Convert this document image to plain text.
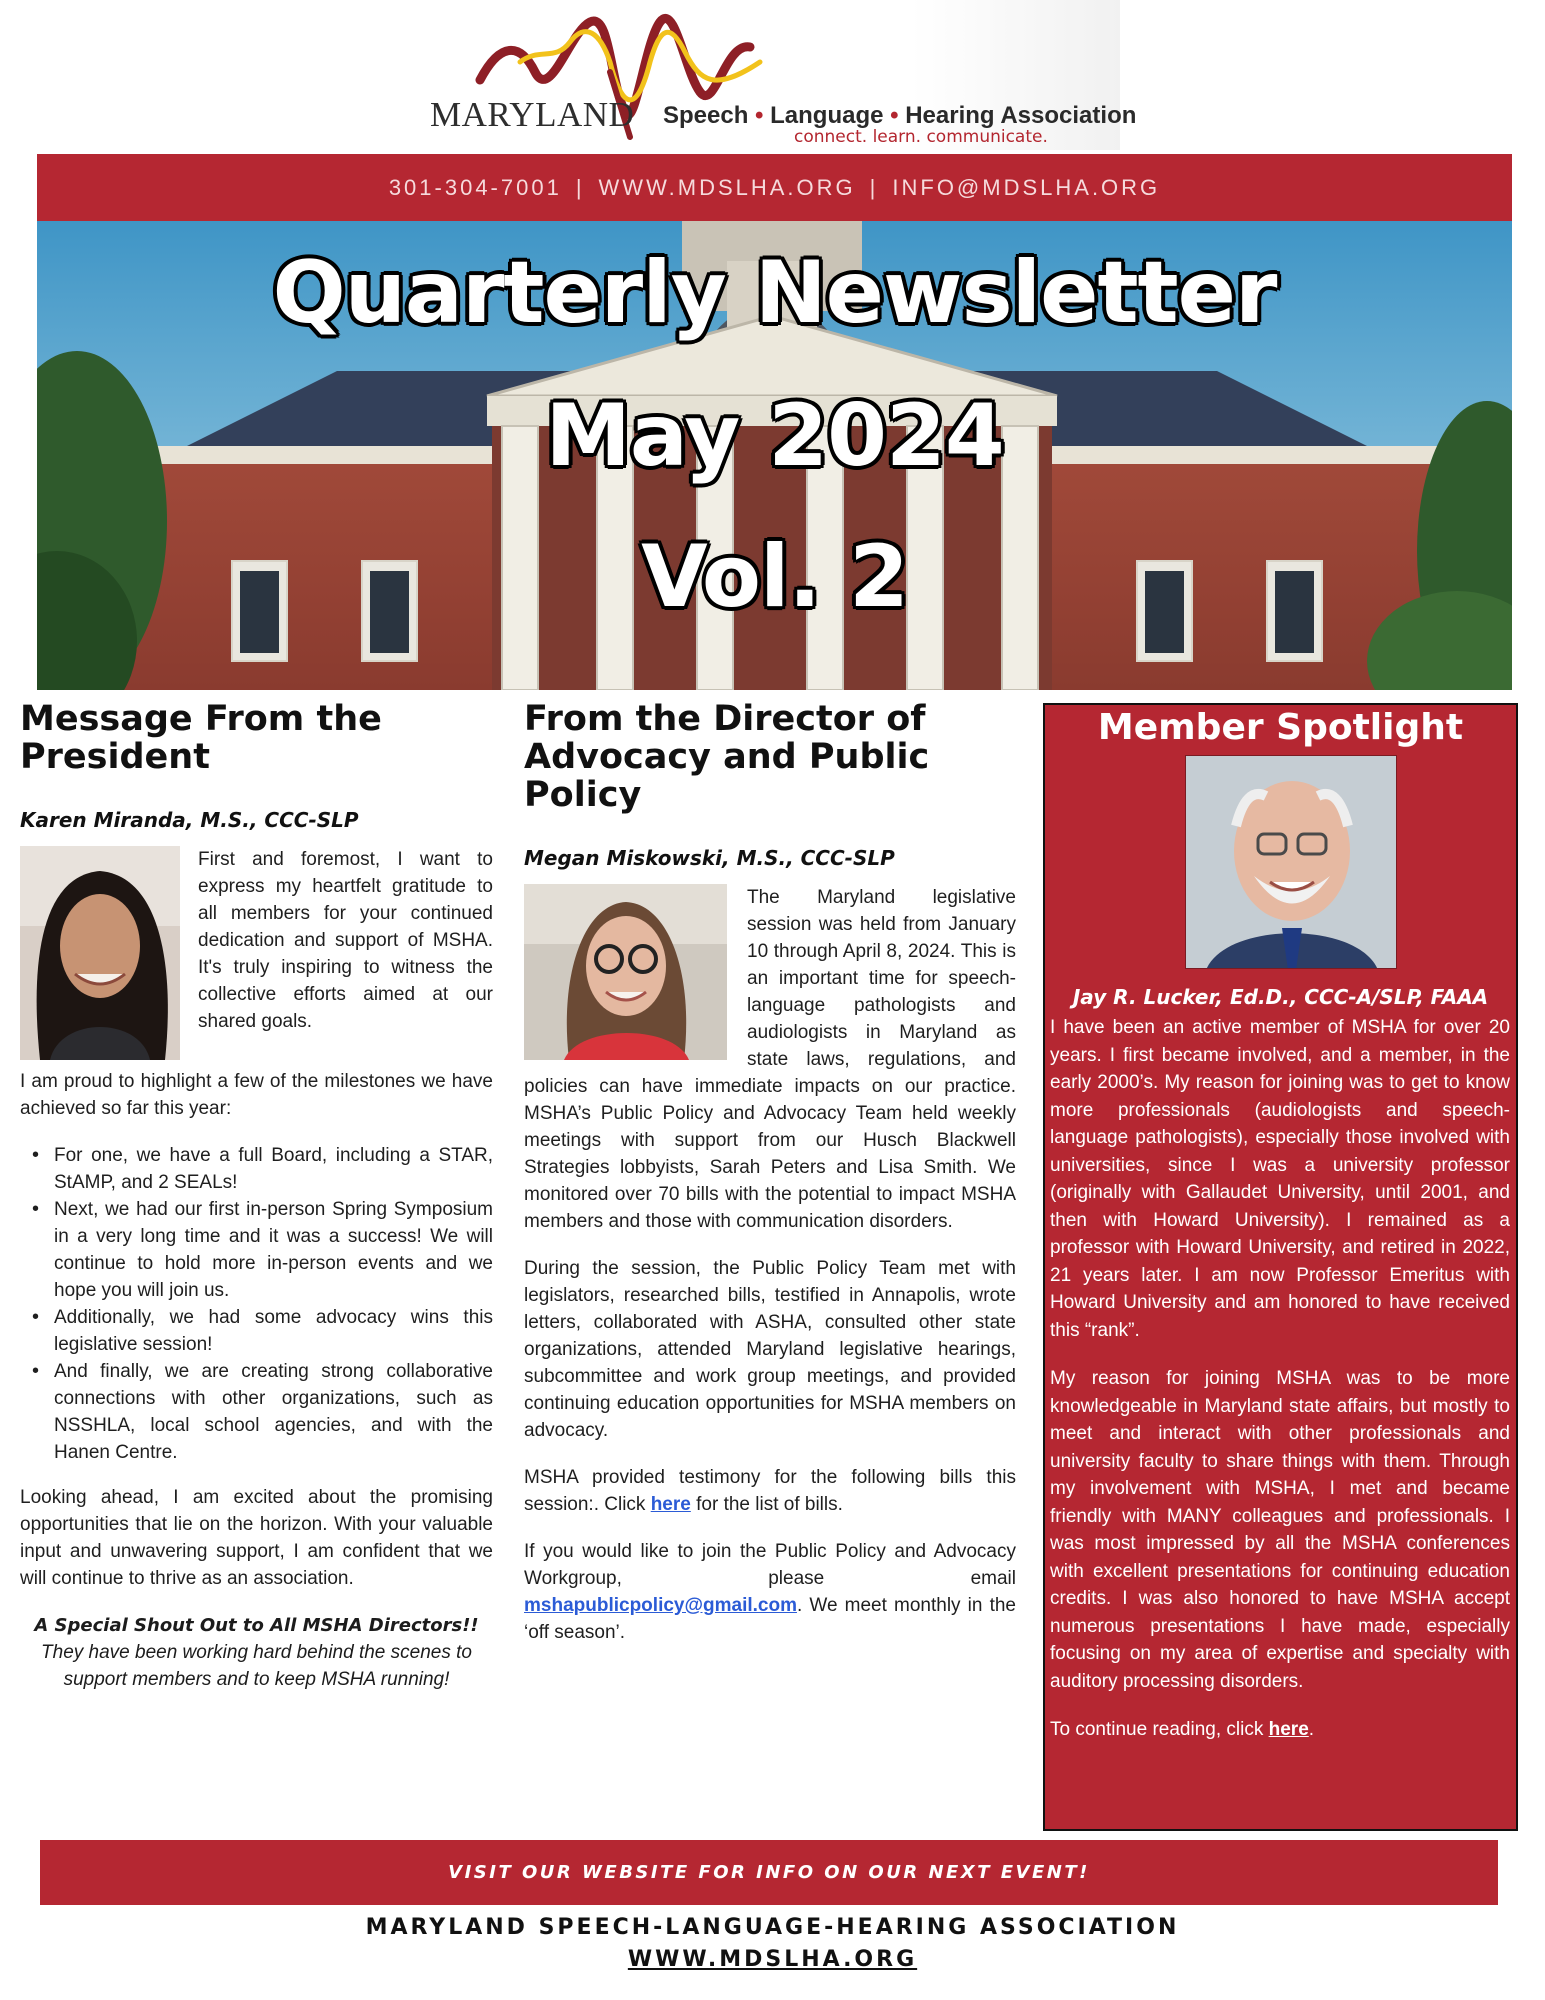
MARYLAND Speech • Language • Hearing Association
connect. learn. communicate.
301-304-7001 | WWW.MDSLHA.ORG | INFO@MDSLHA.ORG
Quarterly Newsletter
May 2024
Vol. 2
Message From the President
Karen Miranda, M.S., CCC-SLP

First and foremost, I want to express my heartfelt gratitude to all members for your continued dedication and support of MSHA. It's truly inspiring to witness the collective efforts aimed at our shared goals.

I am proud to highlight a few of the milestones we have achieved so far this year:

• For one, we have a full Board, including a STAR, StAMP, and 2 SEALs!
• Next, we had our first in-person Spring Symposium in a very long time and it was a success! We will continue to hold more in-person events and we hope you will join us.
• Additionally, we had some advocacy wins this legislative session!
• And finally, we are creating strong collaborative connections with other organizations, such as NSSHLA, local school agencies, and with the Hanen Centre.

Looking ahead, I am excited about the promising opportunities that lie on the horizon. With your valuable input and unwavering support, I am confident that we will continue to thrive as an association.

A Special Shout Out to All MSHA Directors!!
They have been working hard behind the scenes to support members and to keep MSHA running!
From the Director of Advocacy and Public Policy
Megan Miskowski, M.S., CCC-SLP

The Maryland legislative session was held from January 10 through April 8, 2024. This is an important time for speech-language pathologists and audiologists in Maryland as state laws, regulations, and policies can have immediate impacts on our practice. MSHA’s Public Policy and Advocacy Team held weekly meetings with support from our Husch Blackwell Strategies lobbyists, Sarah Peters and Lisa Smith. We monitored over 70 bills with the potential to impact MSHA members and those with communication disorders.

During the session, the Public Policy Team met with legislators, researched bills, testified in Annapolis, wrote letters, collaborated with ASHA, consulted other state organizations, attended Maryland legislative hearings, subcommittee and work group meetings, and provided continuing education opportunities for MSHA members on advocacy.

MSHA provided testimony for the following bills this session:. Click here for the list of bills.

If you would like to join the Public Policy and Advocacy Workgroup, please email mshapublicpolicy@gmail.com. We meet monthly in the ‘off season’.

Member Spotlight
Jay R. Lucker, Ed.D., CCC-A/SLP, FAAA

I have been an active member of MSHA for over 20 years. I first became involved, and a member, in the early 2000’s. My reason for joining was to get to know more professionals (audiologists and speech- language pathologists), especially those involved with universities, since I was a university professor (originally with Gallaudet University, until 2001, and then with Howard University). I remained as a professor with Howard University, and retired in 2022, 21 years later. I am now Professor Emeritus with Howard University and am honored to have received this “rank”.

My reason for joining MSHA was to be more knowledgeable in Maryland state affairs, but mostly to meet and interact with other professionals and university faculty to share things with them. Through my involvement with MSHA, I met and became friendly with MANY colleagues and professionals. I was most impressed by all the MSHA conferences with excellent presentations for continuing education credits. I was also honored to have MSHA accept numerous presentations I have made, especially focusing on my area of expertise and specialty with auditory processing disorders.

To continue reading, click here.

VISIT OUR WEBSITE FOR INFO ON OUR NEXT EVENT!
MARYLAND SPEECH-LANGUAGE-HEARING ASSOCIATION
WWW.MDSLHA.ORG
